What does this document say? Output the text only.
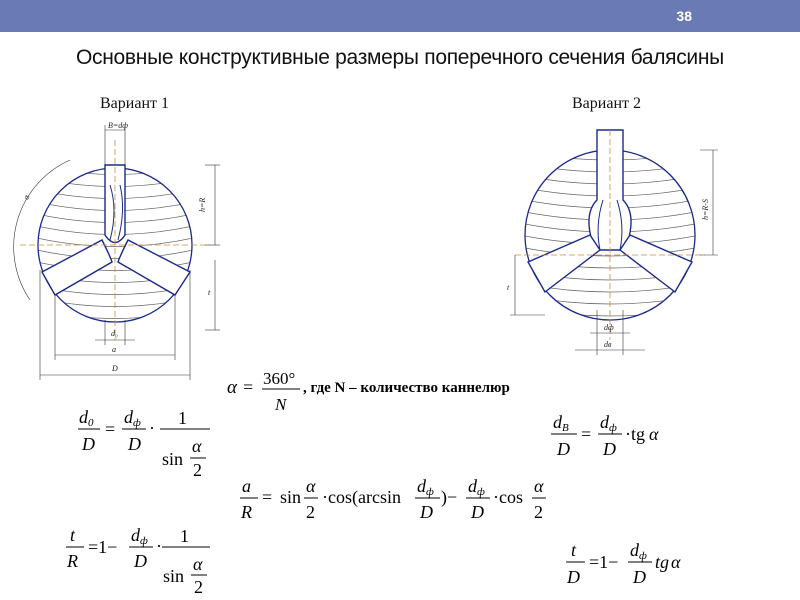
38
Основные конструктивные размеры поперечного сечения балясины
Вариант 1	Вариант 2
B=dф
h=R
α
t
d₀
a
D
h=R-S
t
dф
dв
α = 360°
N
, где N – количество каннелюр
d0
D
=
dф
D
· 1
sin
α
2
a
R
= sin
α
2
·cos(arcsin
dф
D
)−
dф
D
·cos
α
2
t
R
=1−
dф
D
· 1
sin
α
2
dB
D
=
dф
D
·tg α
t
D
=1−
dф
D
tg α
